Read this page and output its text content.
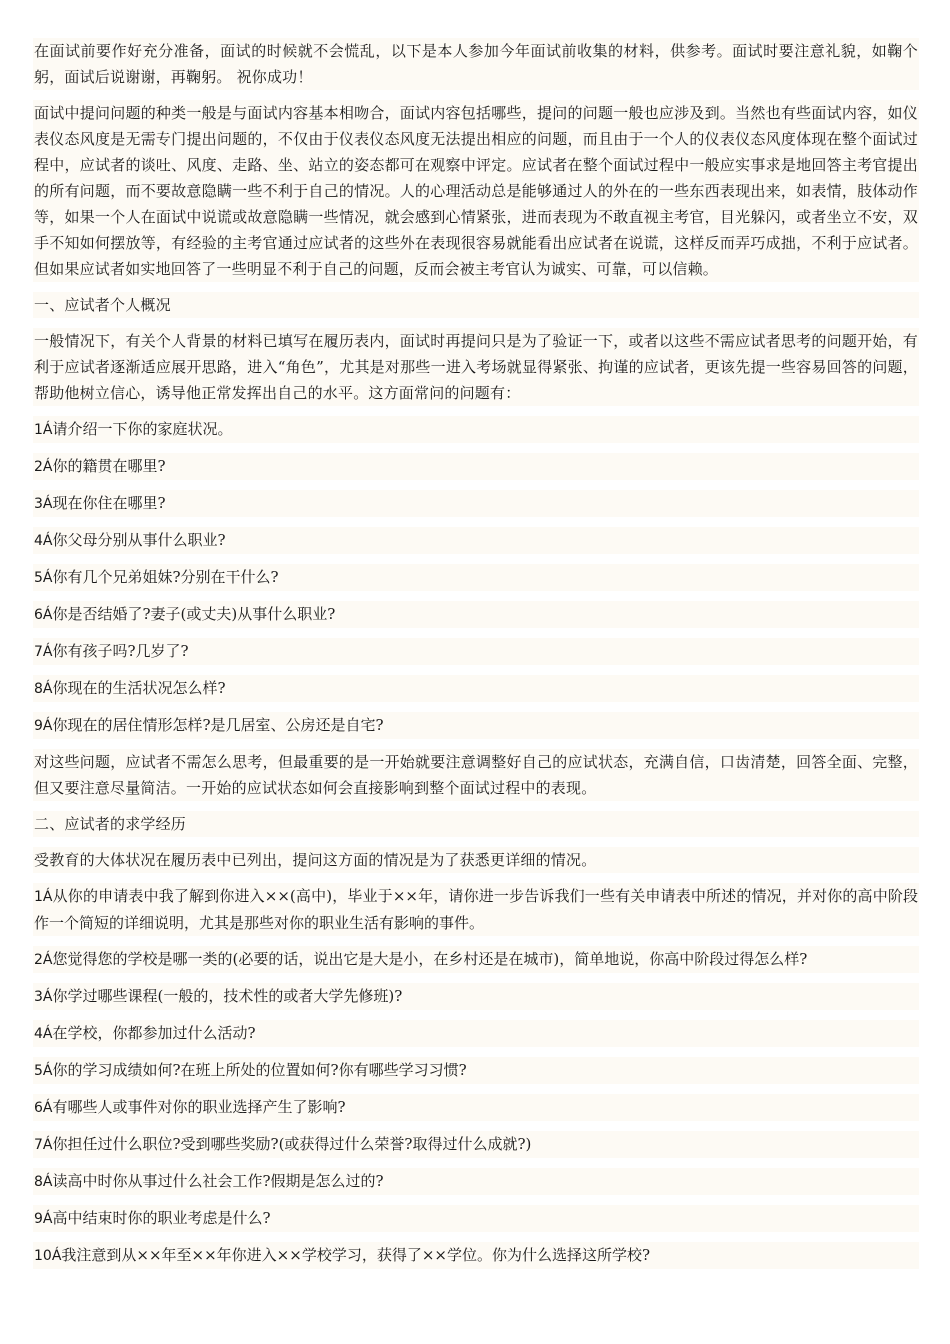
在面试前要作好充分准备，面试的时候就不会慌乱，以下是本人参加今年面试前收集的材料，供参考。面试时要注意礼貌，如鞠个躬，面试后说谢谢，再鞠躬。 祝你成功！

面试中提问问题的种类一般是与面试内容基本相吻合，面试内容包括哪些，提问的问题一般也应涉及到。当然也有些面试内容，如仪表仪态风度是无需专门提出问题的，不仅由于仪表仪态风度无法提出相应的问题，而且由于一个人的仪表仪态风度体现在整个面试过程中，应试者的谈吐、风度、走路、坐、站立的姿态都可在观察中评定。应试者在整个面试过程中一般应实事求是地回答主考官提出的所有问题，而不要故意隐瞒一些不利于自己的情况。人的心理活动总是能够通过人的外在的一些东西表现出来，如表情，肢体动作等，如果一个人在面试中说谎或故意隐瞒一些情况，就会感到心情紧张，进而表现为不敢直视主考官，目光躲闪，或者坐立不安，双手不知如何摆放等，有经验的主考官通过应试者的这些外在表现很容易就能看出应试者在说谎，这样反而弄巧成拙，不利于应试者。但如果应试者如实地回答了一些明显不利于自己的问题，反而会被主考官认为诚实、可靠，可以信赖。

一、应试者个人概况

一般情况下，有关个人背景的材料已填写在履历表内，面试时再提问只是为了验证一下，或者以这些不需应试者思考的问题开始，有利于应试者逐渐适应展开思路，进入“角色”，尤其是对那些一进入考场就显得紧张、拘谨的应试者，更该先提一些容易回答的问题，帮助他树立信心，诱导他正常发挥出自己的水平。这方面常问的问题有：

1Á请介绍一下你的家庭状况。

2Á你的籍贯在哪里?

3Á现在你住在哪里?

4Á你父母分别从事什么职业?

5Á你有几个兄弟姐妹?分别在干什么?

6Á你是否结婚了?妻子(或丈夫)从事什么职业?

7Á你有孩子吗?几岁了?

8Á你现在的生活状况怎么样?

9Á你现在的居住情形怎样?是几居室、公房还是自宅?

对这些问题，应试者不需怎么思考，但最重要的是一开始就要注意调整好自己的应试状态，充满自信，口齿清楚，回答全面、完整，但又要注意尽量简洁。一开始的应试状态如何会直接影响到整个面试过程中的表现。

二、应试者的求学经历

受教育的大体状况在履历表中已列出，提问这方面的情况是为了获悉更详细的情况。

1Á从你的申请表中我了解到你进入××(高中)，毕业于××年，请你进一步告诉我们一些有关申请表中所述的情况，并对你的高中阶段作一个简短的详细说明，尤其是那些对你的职业生活有影响的事件。

2Á您觉得您的学校是哪一类的(必要的话，说出它是大是小，在乡村还是在城市)，简单地说，你高中阶段过得怎么样?

3Á你学过哪些课程(一般的，技术性的或者大学先修班)?

4Á在学校，你都参加过什么活动?

5Á你的学习成绩如何?在班上所处的位置如何?你有哪些学习习惯?

6Á有哪些人或事件对你的职业选择产生了影响?

7Á你担任过什么职位?受到哪些奖励?(或获得过什么荣誉?取得过什么成就?)

8Á读高中时你从事过什么社会工作?假期是怎么过的?

9Á高中结束时你的职业考虑是什么?

10Á我注意到从××年至××年你进入××学校学习，获得了××学位。你为什么选择这所学校?
